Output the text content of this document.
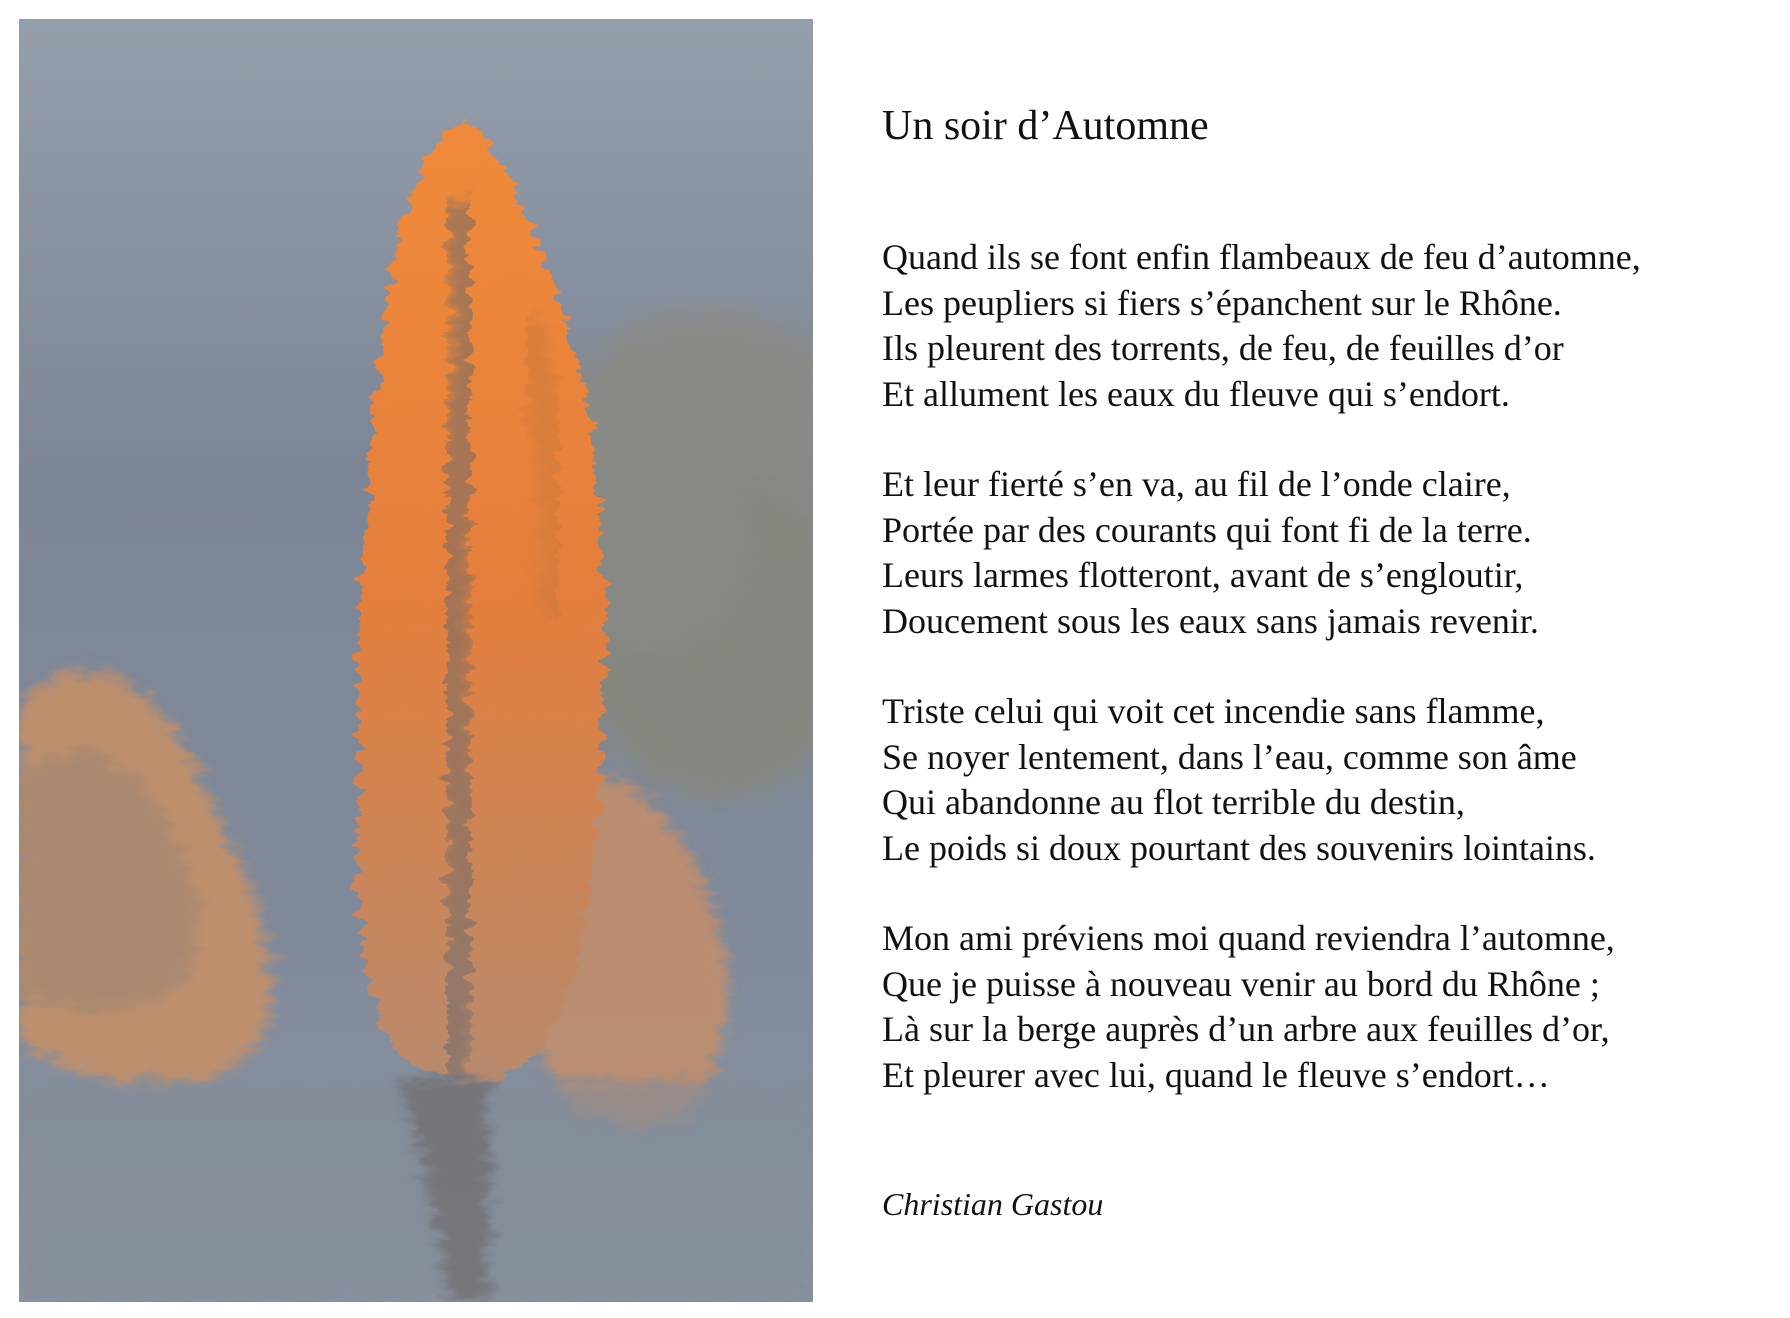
Un soir d’Automne
Quand ils se font enfin flambeaux de feu d’automne,
Les peupliers si fiers s’épanchent sur le Rhône.
Ils pleurent des torrents, de feu, de feuilles d’or
Et allument les eaux du fleuve qui s’endort.
Et leur fierté s’en va, au fil de l’onde claire,
Portée par des courants qui font fi de la terre.
Leurs larmes flotteront, avant de s’engloutir,
Doucement sous les eaux sans jamais revenir.
Triste celui qui voit cet incendie sans flamme,
Se noyer lentement, dans l’eau, comme son âme
Qui abandonne au flot terrible du destin,
Le poids si doux pourtant des souvenirs lointains.
Mon ami préviens moi quand reviendra l’automne,
Que je puisse à nouveau venir au bord du Rhône ;
Là sur la berge auprès d’un arbre aux feuilles d’or,
Et pleurer avec lui, quand le fleuve s’endort…
Christian Gastou
